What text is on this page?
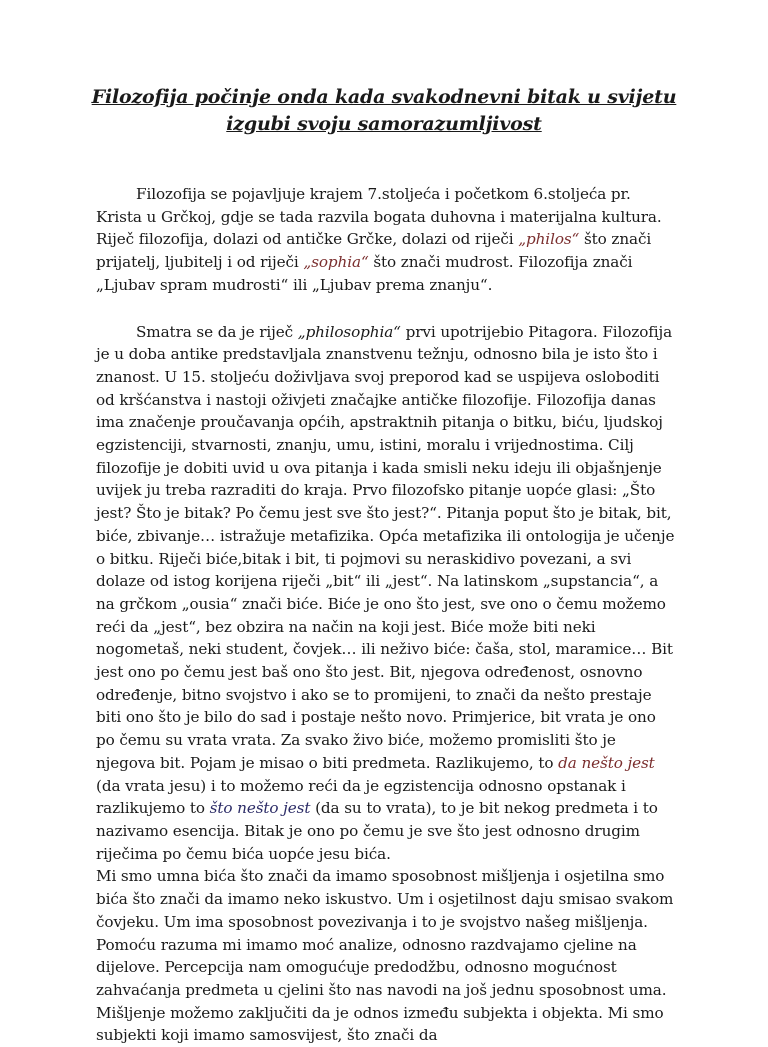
Filozofija počinje onda kada svakodnevni bitak u svijetu izgubi svoju samorazumljivost

Filozofija se pojavljuje krajem 7.stoljeća i početkom 6.stoljeća pr. Krista u Grčkoj, gdje se tada razvila bogata duhovna i materijalna kultura. Riječ filozofija, dolazi od antičke Grčke, dolazi od riječi „philos“ što znači prijatelj, ljubitelj i od riječi „sophia“ što znači mudrost. Filozofija znači „Ljubav spram mudrosti“ ili „Ljubav prema znanju“.

Smatra se da je riječ „philosophia“ prvi upotrijebio Pitagora. Filozofija je u doba antike predstavljala znanstvenu težnju, odnosno bila je isto što i znanost. U 15. stoljeću doživljava svoj preporod kad se uspijeva osloboditi od kršćanstva i nastoji oživjeti značajke antičke filozofije. Filozofija danas ima značenje proučavanja općih, apstraktnih pitanja o bitku, biću, ljudskoj egzistenciji, stvarnosti, znanju, umu, istini, moralu i vrijednostima. Cilj filozofije je dobiti uvid u ova pitanja i kada smisli neku ideju ili objašnjenje uvijek ju treba razraditi do kraja. Prvo filozofsko pitanje uopće glasi: „Što jest? Što je bitak? Po čemu jest sve što jest?“. Pitanja poput što je bitak, bit, biće, zbivanje… istražuje metafizika. Opća metafizika ili ontologija je učenje o bitku. Riječi biće,bitak i bit, ti pojmovi su neraskidivo povezani, a svi dolaze od istog korijena riječi „bit“ ili „jest“. Na latinskom „supstancia“, a na grčkom „ousia“ znači biće. Biće je ono što jest, sve ono o čemu možemo reći da „jest“, bez obzira na način na koji jest. Biće može biti neki nogometaš, neki student, čovjek… ili neživo biće: čaša, stol, maramice… Bit jest ono po čemu jest baš ono što jest. Bit, njegova određenost, osnovno određenje, bitno svojstvo i ako se to promijeni, to znači da nešto prestaje biti ono što je bilo do sad i postaje nešto novo. Primjerice, bit vrata je ono po čemu su vrata vrata. Za svako živo biće, možemo promisliti što je njegova bit. Pojam je misao o biti predmeta. Razlikujemo, to da nešto jest (da vrata jesu) i to možemo reći da je egzistencija odnosno opstanak i razlikujemo to što nešto jest (da su to vrata), to je bit nekog predmeta i to nazivamo esencija. Bitak je ono po čemu je sve što jest odnosno drugim riječima po čemu bića uopće jesu bića.

Mi smo umna bića što znači da imamo sposobnost mišljenja i osjetilna smo bića što znači da imamo neko iskustvo. Um i osjetilnost daju smisao svakom čovjeku. Um ima sposobnost povezivanja i to je svojstvo našeg mišljenja. Pomoću razuma mi imamo moć analize, odnosno razdvajamo cjeline na dijelove. Percepcija nam omogućuje predodžbu, odnosno mogućnost zahvaćanja predmeta u cjelini što nas navodi na još jednu sposobnost uma. Mišljenje možemo zaključiti da je odnos između subjekta i objekta. Mi smo subjekti koji imamo samosvijest, što znači da
